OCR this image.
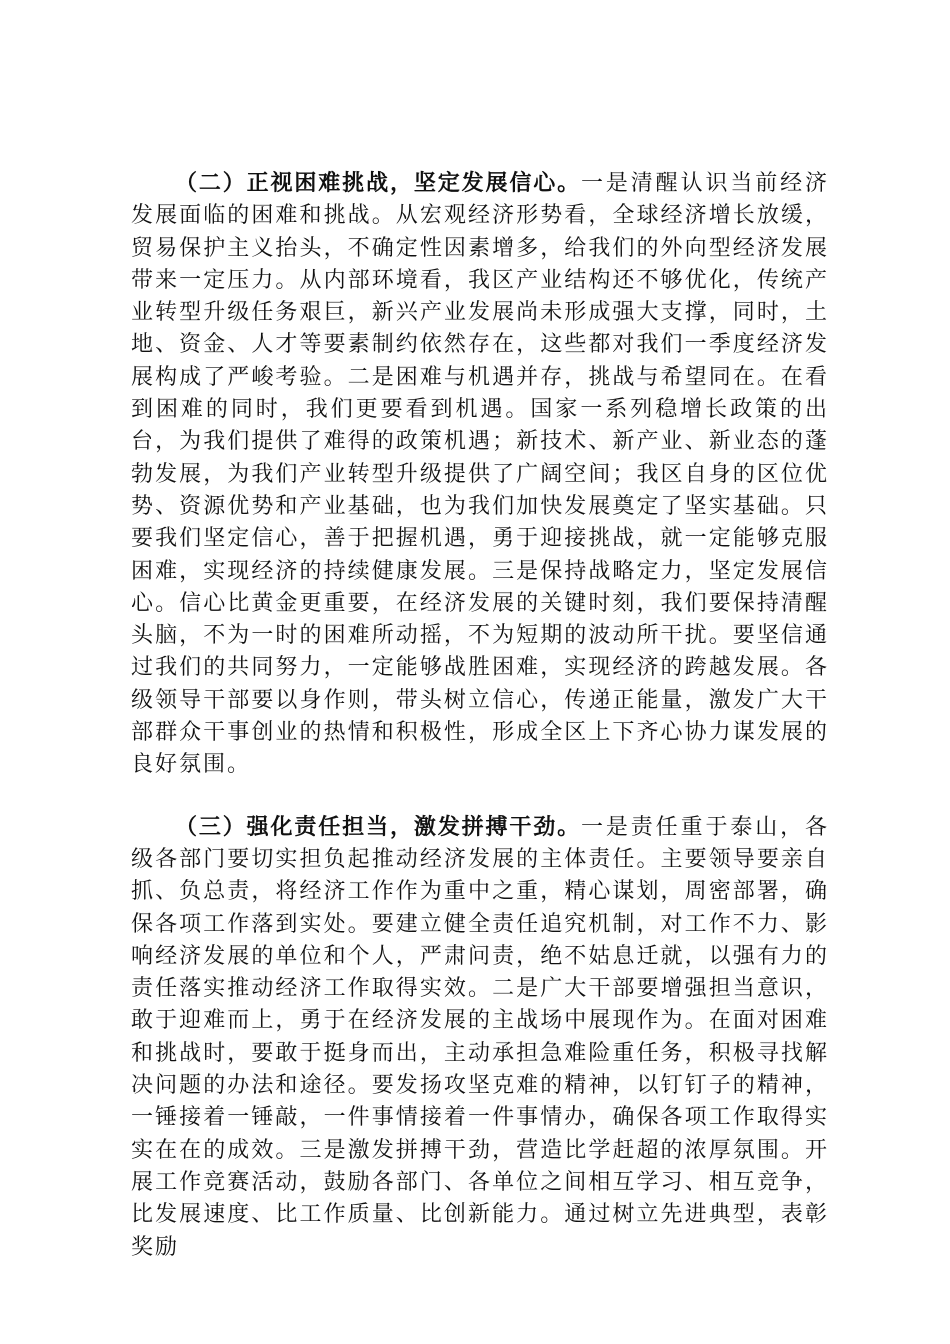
（二）正视困难挑战，坚定发展信心。一是清醒认识当前经济发展面临的困难和挑战。从宏观经济形势看，全球经济增长放缓，贸易保护主义抬头，不确定性因素增多，给我们的外向型经济发展带来一定压力。从内部环境看，我区产业结构还不够优化，传统产业转型升级任务艰巨，新兴产业发展尚未形成强大支撑，同时，土地、资金、人才等要素制约依然存在，这些都对我们一季度经济发展构成了严峻考验。二是困难与机遇并存，挑战与希望同在。在看到困难的同时，我们更要看到机遇。国家一系列稳增长政策的出台，为我们提供了难得的政策机遇；新技术、新产业、新业态的蓬勃发展，为我们产业转型升级提供了广阔空间；我区自身的区位优势、资源优势和产业基础，也为我们加快发展奠定了坚实基础。只要我们坚定信心，善于把握机遇，勇于迎接挑战，就一定能够克服困难，实现经济的持续健康发展。三是保持战略定力，坚定发展信心。信心比黄金更重要，在经济发展的关键时刻，我们要保持清醒头脑，不为一时的困难所动摇，不为短期的波动所干扰。要坚信通过我们的共同努力，一定能够战胜困难，实现经济的跨越发展。各级领导干部要以身作则，带头树立信心，传递正能量，激发广大干部群众干事创业的热情和积极性，形成全区上下齐心协力谋发展的良好氛围。

（三）强化责任担当，激发拼搏干劲。一是责任重于泰山，各级各部门要切实担负起推动经济发展的主体责任。主要领导要亲自抓、负总责，将经济工作作为重中之重，精心谋划，周密部署，确保各项工作落到实处。要建立健全责任追究机制，对工作不力、影响经济发展的单位和个人，严肃问责，绝不姑息迁就，以强有力的责任落实推动经济工作取得实效。二是广大干部要增强担当意识，敢于迎难而上，勇于在经济发展的主战场中展现作为。在面对困难和挑战时，要敢于挺身而出，主动承担急难险重任务，积极寻找解决问题的办法和途径。要发扬攻坚克难的精神，以钉钉子的精神，一锤接着一锤敲，一件事情接着一件事情办，确保各项工作取得实实在在的成效。三是激发拼搏干劲，营造比学赶超的浓厚氛围。开展工作竞赛活动，鼓励各部门、各单位之间相互学习、相互竞争，比发展速度、比工作质量、比创新能力。通过树立先进典型，表彰奖励
